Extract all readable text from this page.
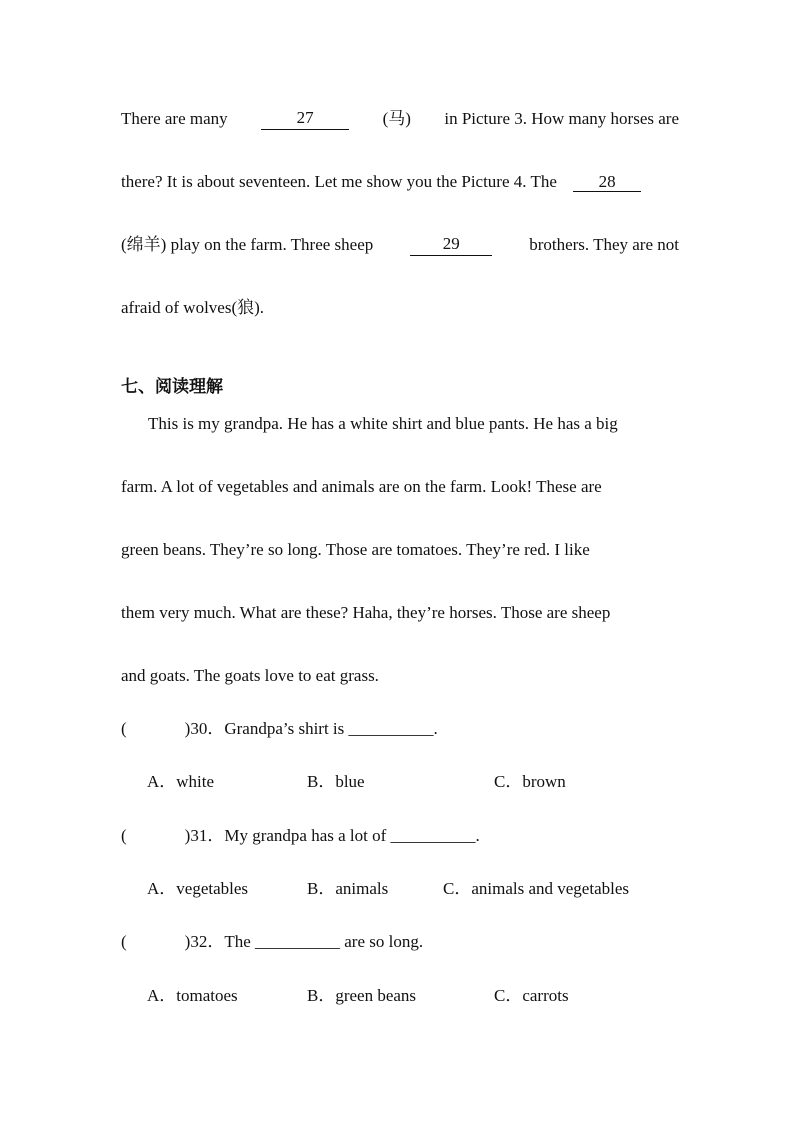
There are many	27	(马) in Picture 3. How many horses are
there? It is about seventeen. Let me show you the Picture 4. The 28
(绵羊) play on the farm. Three sheep	29	brothers. They are not
afraid of wolves(狼).
七、阅读理解
This is my grandpa. He has a white shirt and blue pants. He has a big
farm. A lot of vegetables and animals are on the farm. Look! These are
green beans. They’re so long. Those are tomatoes. They’re red. I like
them very much. What are these? Haha, they’re horses. Those are sheep
and goats. The goats love to eat grass.
(	)30．Grandpa’s shirt is __________.
A．white	B．blue	C．brown
(	)31．My grandpa has a lot of __________.
A．vegetables	B．animals	C．animals and vegetables
(	)32．The __________ are so long.
A．tomatoes	B．green beans	C．carrots
